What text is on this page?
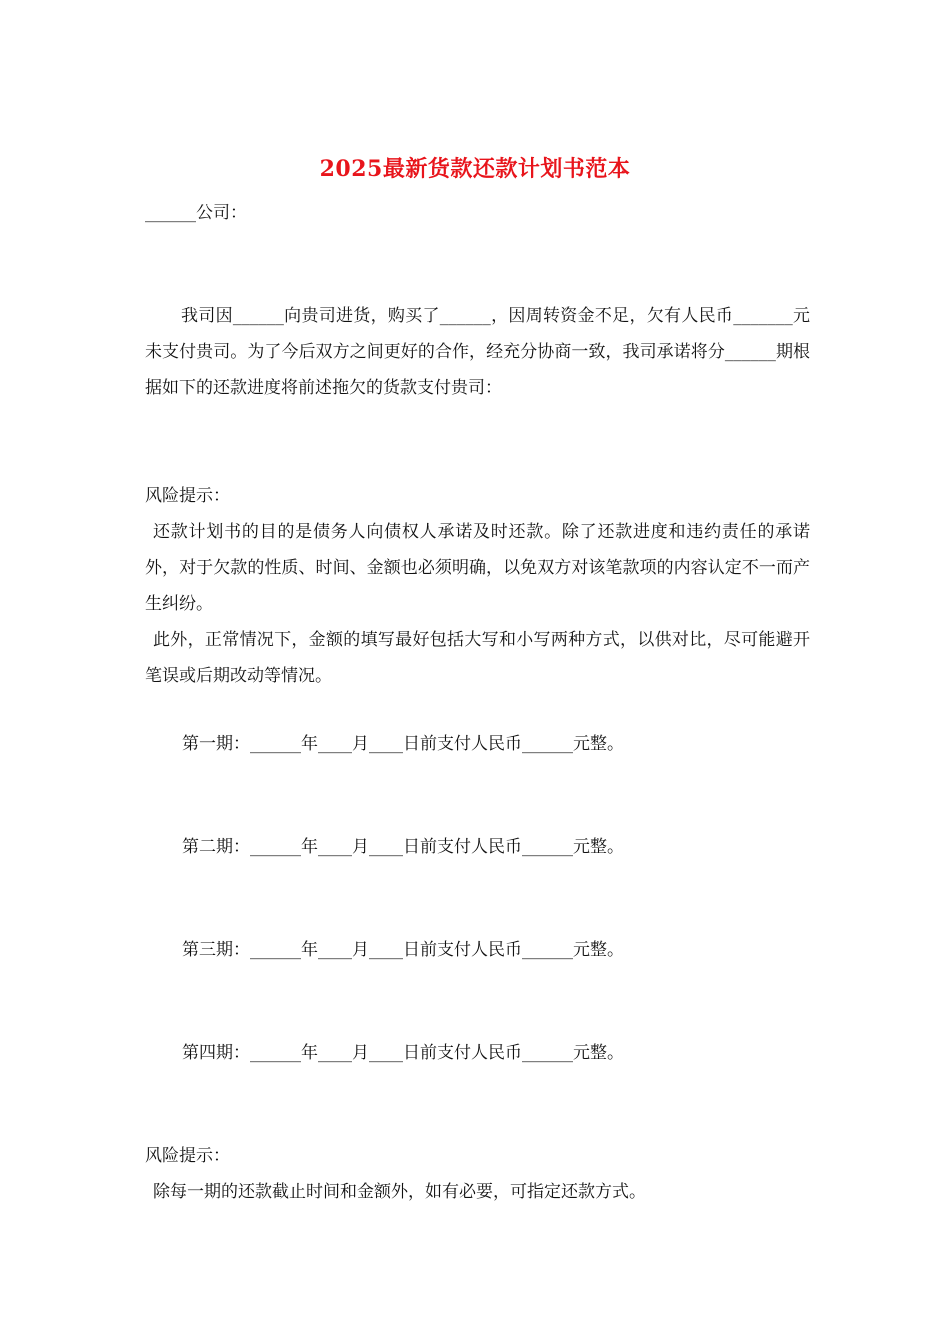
2025最新货款还款计划书范本
______公司：
我司因______向贵司进货，购买了______，因周转资金不足，欠有人民币_______元未支付贵司。为了今后双方之间更好的合作，经充分协商一致，我司承诺将分______期根据如下的还款进度将前述拖欠的货款支付贵司：
风险提示：

还款计划书的目的是债务人向债权人承诺及时还款。除了还款进度和违约责任的承诺外，对于欠款的性质、时间、金额也必须明确，以免双方对该笔款项的内容认定不一而产生纠纷。

此外，正常情况下，金额的填写最好包括大写和小写两种方式，以供对比，尽可能避开笔误或后期改动等情况。

第一期：______年____月____日前支付人民币______元整。
第二期：______年____月____日前支付人民币______元整。
第三期：______年____月____日前支付人民币______元整。
第四期：______年____月____日前支付人民币______元整。
风险提示：

除每一期的还款截止时间和金额外，如有必要，可指定还款方式。
